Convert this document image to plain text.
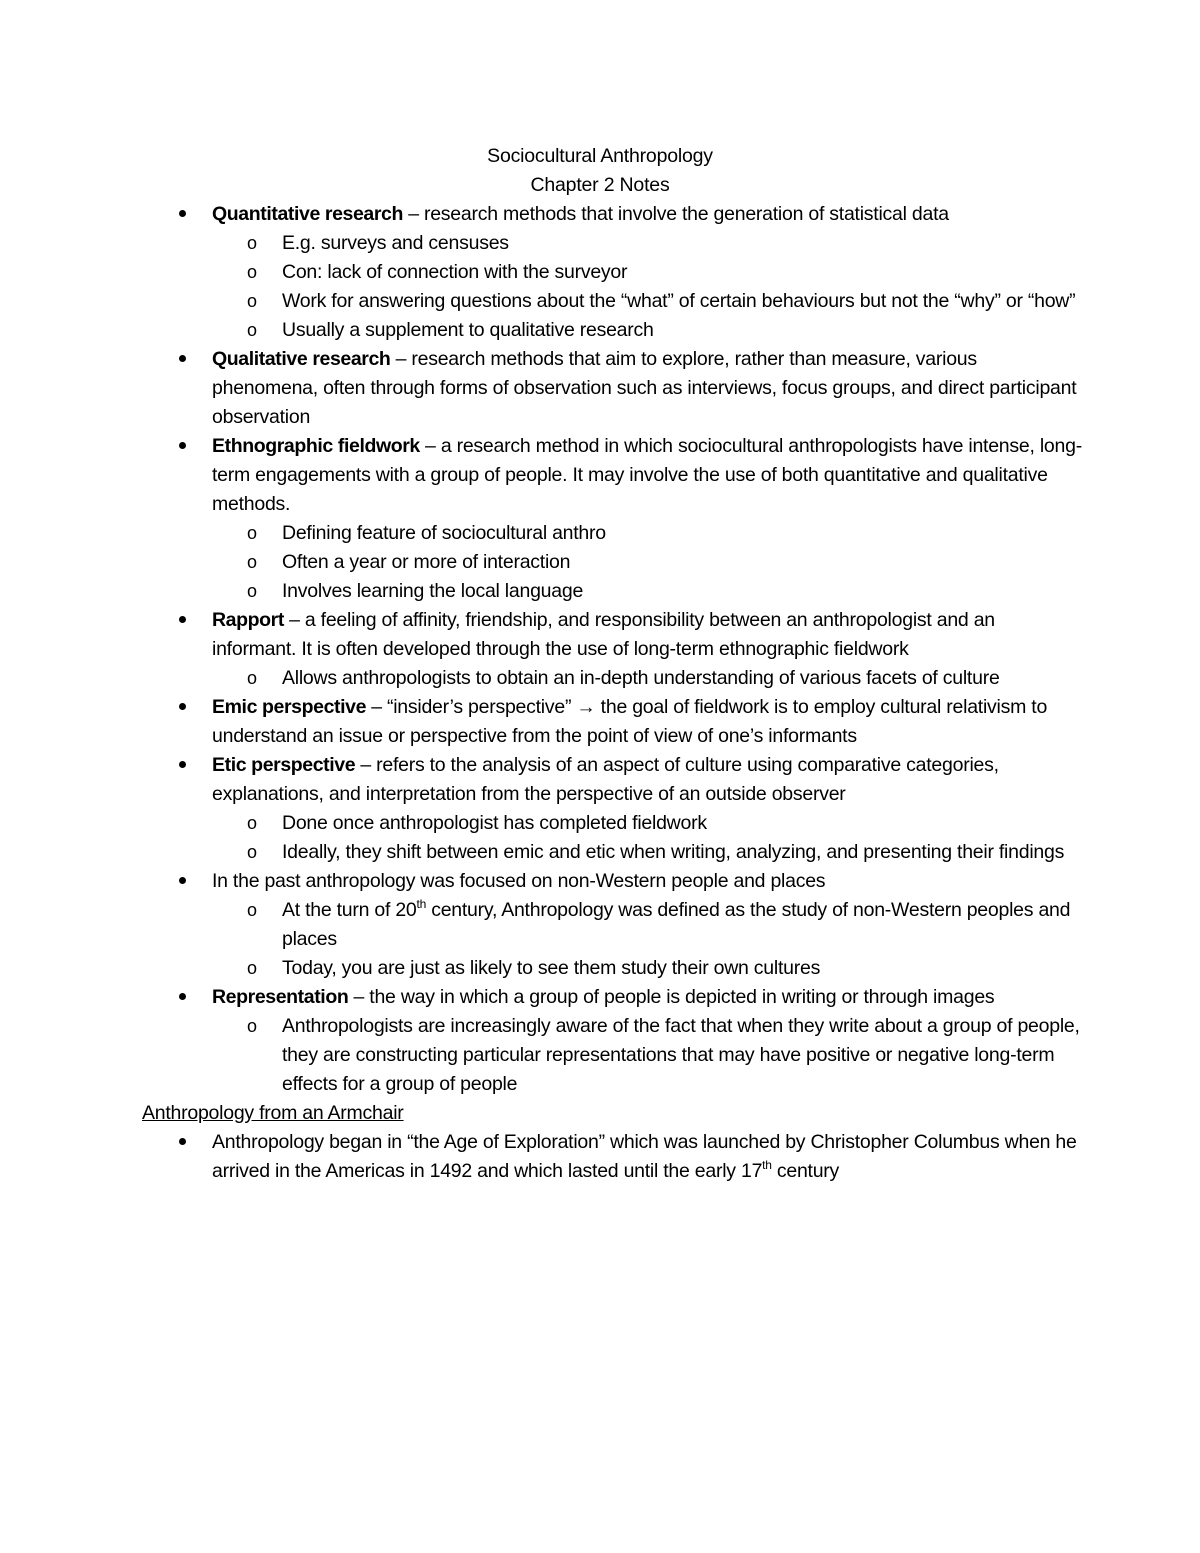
Sociocultural Anthropology
Chapter 2 Notes
Quantitative research – research methods that involve the generation of statistical data
o E.g. surveys and censuses
o Con: lack of connection with the surveyor
o Work for answering questions about the “what” of certain behaviours but not the “why” or “how”
o Usually a supplement to qualitative research
Qualitative research – research methods that aim to explore, rather than measure, various phenomena, often through forms of observation such as interviews, focus groups, and direct participant observation
Ethnographic fieldwork – a research method in which sociocultural anthropologists have intense, long-term engagements with a group of people. It may involve the use of both quantitative and qualitative methods.
o Defining feature of sociocultural anthro
o Often a year or more of interaction
o Involves learning the local language
Rapport – a feeling of affinity, friendship, and responsibility between an anthropologist and an informant. It is often developed through the use of long-term ethnographic fieldwork
o Allows anthropologists to obtain an in-depth understanding of various facets of culture
Emic perspective – “insider’s perspective” → the goal of fieldwork is to employ cultural relativism to understand an issue or perspective from the point of view of one’s informants
Etic perspective – refers to the analysis of an aspect of culture using comparative categories, explanations, and interpretation from the perspective of an outside observer
o Done once anthropologist has completed fieldwork
o Ideally, they shift between emic and etic when writing, analyzing, and presenting their findings
In the past anthropology was focused on non-Western people and places
o At the turn of 20th century, Anthropology was defined as the study of non-Western peoples and places
o Today, you are just as likely to see them study their own cultures
Representation – the way in which a group of people is depicted in writing or through images
o Anthropologists are increasingly aware of the fact that when they write about a group of people, they are constructing particular representations that may have positive or negative long-term effects for a group of people
Anthropology from an Armchair
Anthropology began in “the Age of Exploration” which was launched by Christopher Columbus when he arrived in the Americas in 1492 and which lasted until the early 17th century
